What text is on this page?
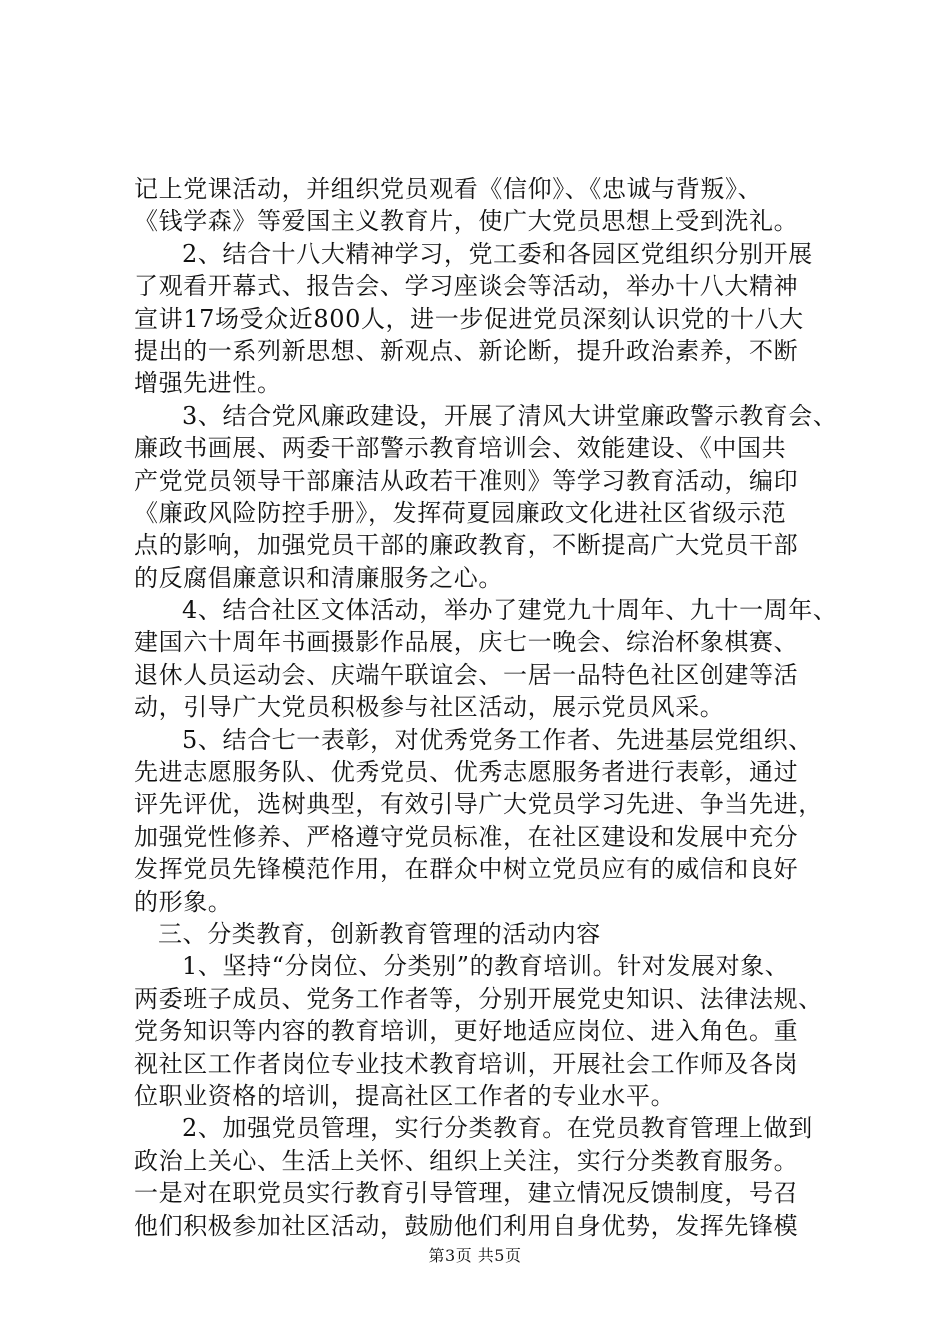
记上党课活动，并组织党员观看《信仰》、《忠诚与背叛》、
《钱学森》等爱国主义教育片，使广大党员思想上受到洗礼。
2、结合十八大精神学习，党工委和各园区党组织分别开展
了观看开幕式、报告会、学习座谈会等活动，举办十八大精神
宣讲17场受众近800人，进一步促进党员深刻认识党的十八大
提出的一系列新思想、新观点、新论断，提升政治素养，不断
增强先进性。
3、结合党风廉政建设，开展了清风大讲堂廉政警示教育会、
廉政书画展、两委干部警示教育培训会、效能建设、《中国共
产党党员领导干部廉洁从政若干准则》等学习教育活动，编印
《廉政风险防控手册》，发挥荷夏园廉政文化进社区省级示范
点的影响，加强党员干部的廉政教育，不断提高广大党员干部
的反腐倡廉意识和清廉服务之心。
4、结合社区文体活动，举办了建党九十周年、九十一周年、
建国六十周年书画摄影作品展，庆七一晚会、综治杯象棋赛、
退休人员运动会、庆端午联谊会、一居一品特色社区创建等活
动，引导广大党员积极参与社区活动，展示党员风采。
5、结合七一表彰，对优秀党务工作者、先进基层党组织、
先进志愿服务队、优秀党员、优秀志愿服务者进行表彰，通过
评先评优，选树典型，有效引导广大党员学习先进、争当先进，
加强党性修养、严格遵守党员标准，在社区建设和发展中充分
发挥党员先锋模范作用，在群众中树立党员应有的威信和良好
的形象。
三、分类教育，创新教育管理的活动内容
1、坚持“分岗位、分类别”的教育培训。针对发展对象、
两委班子成员、党务工作者等，分别开展党史知识、法律法规、
党务知识等内容的教育培训，更好地适应岗位、进入角色。重
视社区工作者岗位专业技术教育培训，开展社会工作师及各岗
位职业资格的培训，提高社区工作者的专业水平。
2、加强党员管理，实行分类教育。在党员教育管理上做到
政治上关心、生活上关怀、组织上关注，实行分类教育服务。
一是对在职党员实行教育引导管理，建立情况反馈制度，号召
他们积极参加社区活动，鼓励他们利用自身优势，发挥先锋模
第3页 共5页
